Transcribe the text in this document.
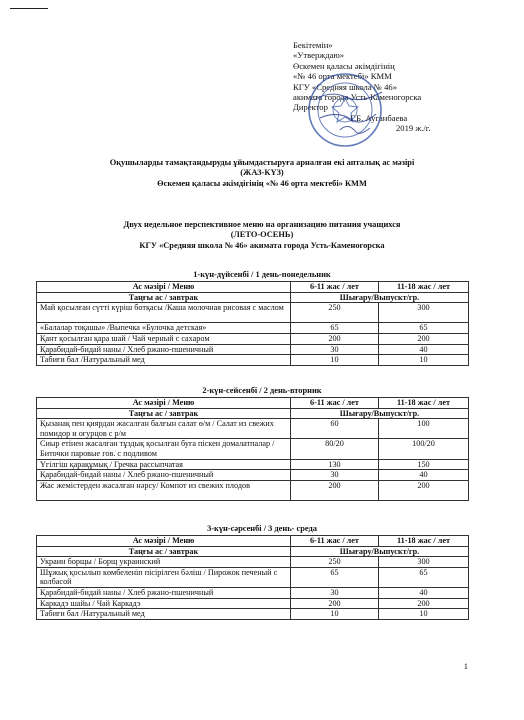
Бекітемін»
«Утверждаю»
Өскемен қаласы әкімдігінің
«№ 46 орта мектебі» КММ
КГУ «Средняя школа № 46»
акимата города Усть-Каменогорска
Директор
Г.Б. Ауганбаева
2019 ж./г.
Оқушыларды тамақтандыруды ұйымдастыруға арналған екі апталық ас мәзірі
(ЖАЗ-КҮЗ)
Өскемен қаласы әкімдігінің «№ 46 орта мектебі» КММ
Двух недельное перспективное меню на организацию питания учащихся
(ЛЕТО-ОСЕНЬ)
КГУ «Средняя школа № 46» акимата города Усть-Каменогорска
1-күн-дүйсенбі / 1 день-понедельник
Ас мәзірі / Меню	6-11 жас / лет	11-18 жас / лет
Таңғы ас / завтрак	Шығару/Выпускт/гр.	
Май қосылған сүтті күріш ботқасы /Каша молочная рисовая с маслом	250	300
«Балалар тоқашы» /Выпечка «Булочка детская»	65	65
Қант қосылған қара шай / Чай черный с сахаром	200	200
Қарабидай-бидай наны / Хлеб ржано-пшеничный	30	40
Табиғи бал /Натуральный мед	10	10
2-күн-сейсенбі / 2 день-вторник
Ас мәзірі / Меню	6-11 жас / лет	11-18 жас / лет
Таңғы ас / завтрак	Шығару/Выпускт/гр.	
Қызанақ пен қиярдан жасалған балғын салат ө/м / Салат из свежих помидор и огурцов с р/м	60	100
Сиыр етінен жасалған тұздық қосылған буға піскен домалатпалар / Биточки паровые гов. с подливом	80/20	100/20
Үгілгіш қарақұмық / Гречка рассыпчатая	130	150
Қарабидай-бидай наны / Хлеб ржано-пшеничный	30	40
Жас жемістерден жасалған нәрсу/ Компот из свежих плодов	200	200
3-күн-сәрсенбі / 3 день- среда
Ас мәзірі / Меню	6-11 жас / лет	11-18 жас / лет
Таңғы ас / завтрак	Шығару/Выпускт/гр.	
Украин борщы / Борщ украинский	250	300
Шұжық қосылып көмбеленіп пісірілген бәліш / Пирожок печеный с колбасой	65	65
Қарабидай-бидай наны / Хлеб ржано-пшеничный	30	40
Каркадэ шайы / Чай Каркадэ	200	200
Табиғи бал /Натуральный мед	10	10
1
